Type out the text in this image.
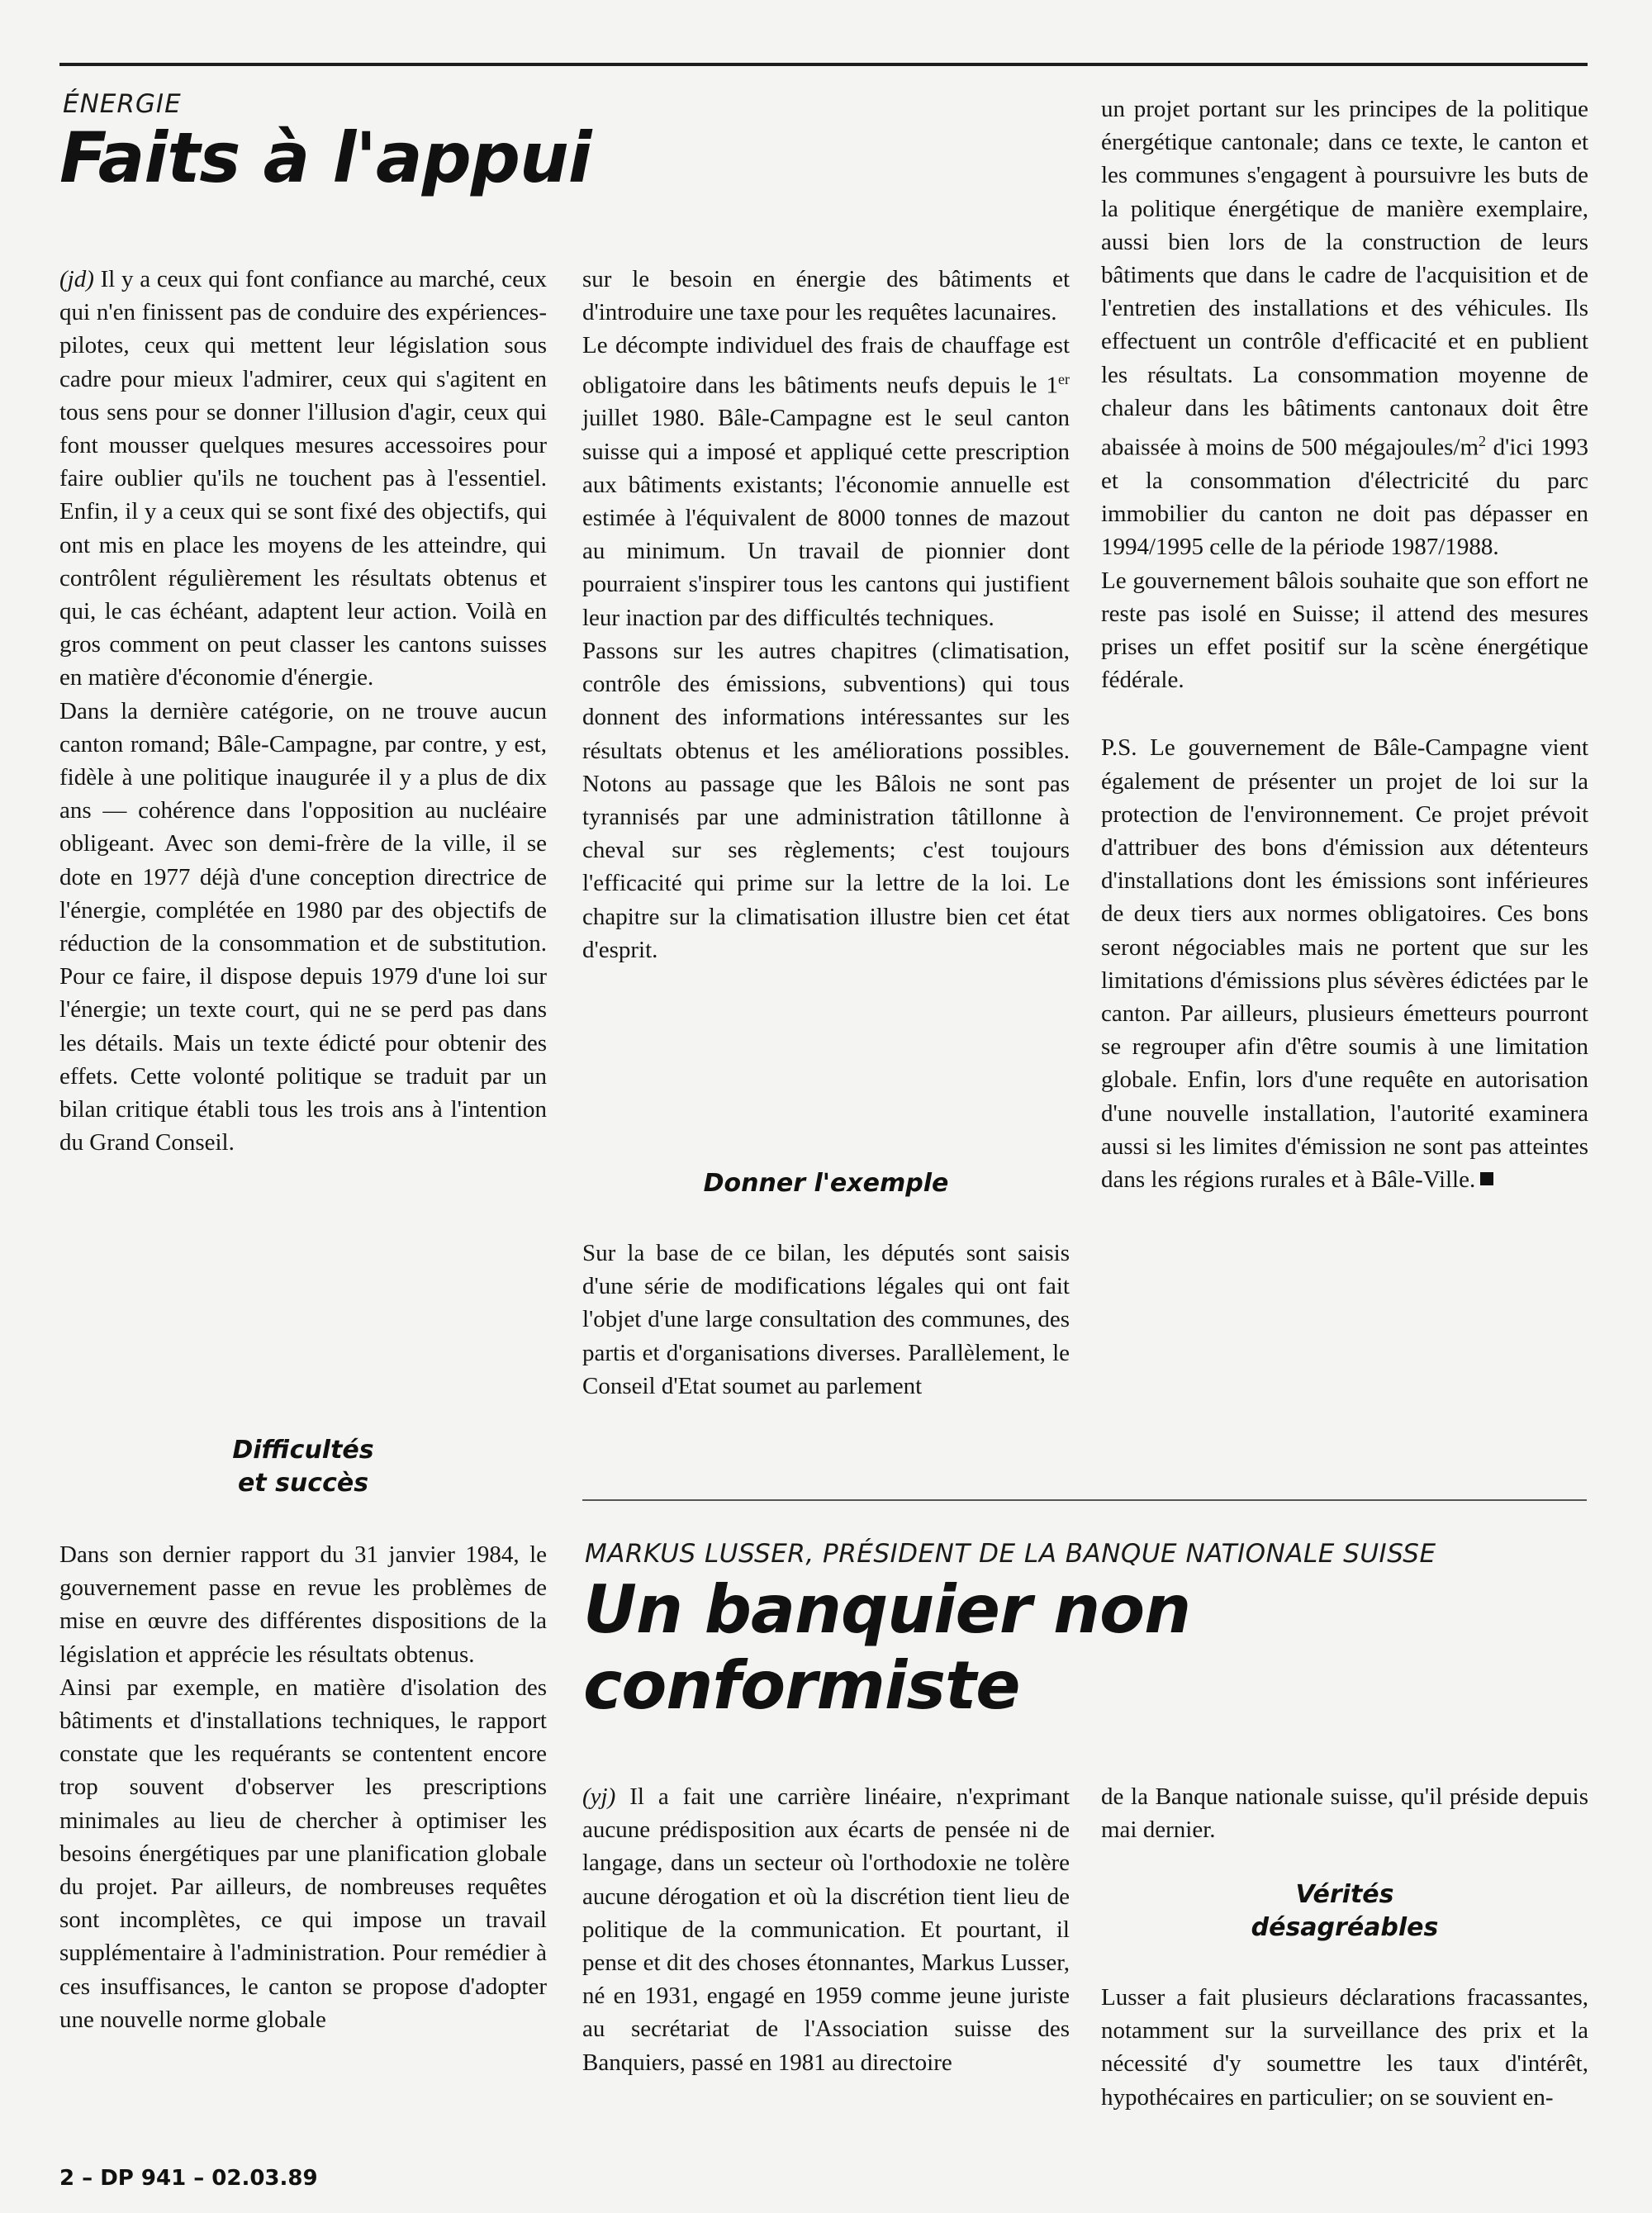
ÉNERGIE
Faits à l'appui

(jd) Il y a ceux qui font confiance au marché, ceux qui n'en finissent pas de conduire des expériences-pilotes, ceux qui mettent leur législation sous cadre pour mieux l'admirer, ceux qui s'agitent en tous sens pour se donner l'illusion d'agir, ceux qui font mousser quelques mesures accessoires pour faire oublier qu'ils ne touchent pas à l'essentiel. Enfin, il y a ceux qui se sont fixé des objectifs, qui ont mis en place les moyens de les atteindre, qui contrôlent régulièrement les résultats obtenus et qui, le cas échéant, adaptent leur action. Voilà en gros comment on peut classer les cantons suisses en matière d'économie d'énergie.

Dans la dernière catégorie, on ne trouve aucun canton romand; Bâle-Campagne, par contre, y est, fidèle à une politique inaugurée il y a plus de dix ans — cohérence dans l'opposition au nucléaire obligeant. Avec son demi-frère de la ville, il se dote en 1977 déjà d'une conception directrice de l'énergie, complétée en 1980 par des objectifs de réduction de la consommation et de substitution. Pour ce faire, il dispose depuis 1979 d'une loi sur l'énergie; un texte court, qui ne se perd pas dans les détails. Mais un texte édicté pour obtenir des effets. Cette volonté politique se traduit par un bilan critique établi tous les trois ans à l'intention du Grand Conseil.

Difficultés
et succès

Dans son dernier rapport du 31 janvier 1984, le gouvernement passe en revue les problèmes de mise en œuvre des différentes dispositions de la législation et apprécie les résultats obtenus.

Ainsi par exemple, en matière d'isolation des bâtiments et d'installations techniques, le rapport constate que les requérants se contentent encore trop souvent d'observer les prescriptions minimales au lieu de chercher à optimiser les besoins énergétiques par une planification globale du projet. Par ailleurs, de nombreuses requêtes sont incomplètes, ce qui impose un travail supplémentaire à l'administration. Pour remédier à ces insuffisances, le canton se propose d'adopter une nouvelle norme globale

sur le besoin en énergie des bâtiments et d'introduire une taxe pour les requêtes lacunaires.

Le décompte individuel des frais de chauffage est obligatoire dans les bâtiments neufs depuis le 1er juillet 1980. Bâle-Campagne est le seul canton suisse qui a imposé et appliqué cette prescription aux bâtiments existants; l'économie annuelle est estimée à l'équivalent de 8000 tonnes de mazout au minimum. Un travail de pionnier dont pourraient s'inspirer tous les cantons qui justifient leur inaction par des difficultés techniques.

Passons sur les autres chapitres (climatisation, contrôle des émissions, subventions) qui tous donnent des informations intéressantes sur les résultats obtenus et les améliorations possibles. Notons au passage que les Bâlois ne sont pas tyrannisés par une administration tâtillonne à cheval sur ses règlements; c'est toujours l'efficacité qui prime sur la lettre de la loi. Le chapitre sur la climatisation illustre bien cet état d'esprit.

Donner l'exemple

Sur la base de ce bilan, les députés sont saisis d'une série de modifications légales qui ont fait l'objet d'une large consultation des communes, des partis et d'organisations diverses. Parallèlement, le Conseil d'Etat soumet au parlement

un projet portant sur les principes de la politique énergétique cantonale; dans ce texte, le canton et les communes s'engagent à poursuivre les buts de la politique énergétique de manière exemplaire, aussi bien lors de la construction de leurs bâtiments que dans le cadre de l'acquisition et de l'entretien des installations et des véhicules. Ils effectuent un contrôle d'efficacité et en publient les résultats. La consommation moyenne de chaleur dans les bâtiments cantonaux doit être abaissée à moins de 500 mégajoules/$m^2$ d'ici 1993 et la consommation d'électricité du parc immobilier du canton ne doit pas dépasser en 1994/1995 celle de la période 1987/1988.

Le gouvernement bâlois souhaite que son effort ne reste pas isolé en Suisse; il attend des mesures prises un effet positif sur la scène énergétique fédérale.

P.S. Le gouvernement de Bâle-Campagne vient également de présenter un projet de loi sur la protection de l'environnement. Ce projet prévoit d'attribuer des bons d'émission aux détenteurs d'installations dont les émissions sont inférieures de deux tiers aux normes obligatoires. Ces bons seront négociables mais ne portent que sur les limitations d'émissions plus sévères édictées par le canton. Par ailleurs, plusieurs émetteurs pourront se regrouper afin d'être soumis à une limitation globale. Enfin, lors d'une requête en autorisation d'une nouvelle installation, l'autorité examinera aussi si les limites d'émission ne sont pas atteintes dans les régions rurales et à Bâle-Ville.

MARKUS LUSSER, PRÉSIDENT DE LA BANQUE NATIONALE SUISSE
Un banquier non
conformiste

(yj) Il a fait une carrière linéaire, n'exprimant aucune prédisposition aux écarts de pensée ni de langage, dans un secteur où l'orthodoxie ne tolère aucune dérogation et où la discrétion tient lieu de politique de la communication. Et pourtant, il pense et dit des choses étonnantes, Markus Lusser, né en 1931, engagé en 1959 comme jeune juriste au secrétariat de l'Association suisse des Banquiers, passé en 1981 au directoire

de la Banque nationale suisse, qu'il préside depuis mai dernier.

Vérités
désagréables

Lusser a fait plusieurs déclarations fracassantes, notamment sur la surveillance des prix et la nécessité d'y soumettre les taux d'intérêt, hypothécaires en particulier; on se souvient en-

2 – DP 941 – 02.03.89
